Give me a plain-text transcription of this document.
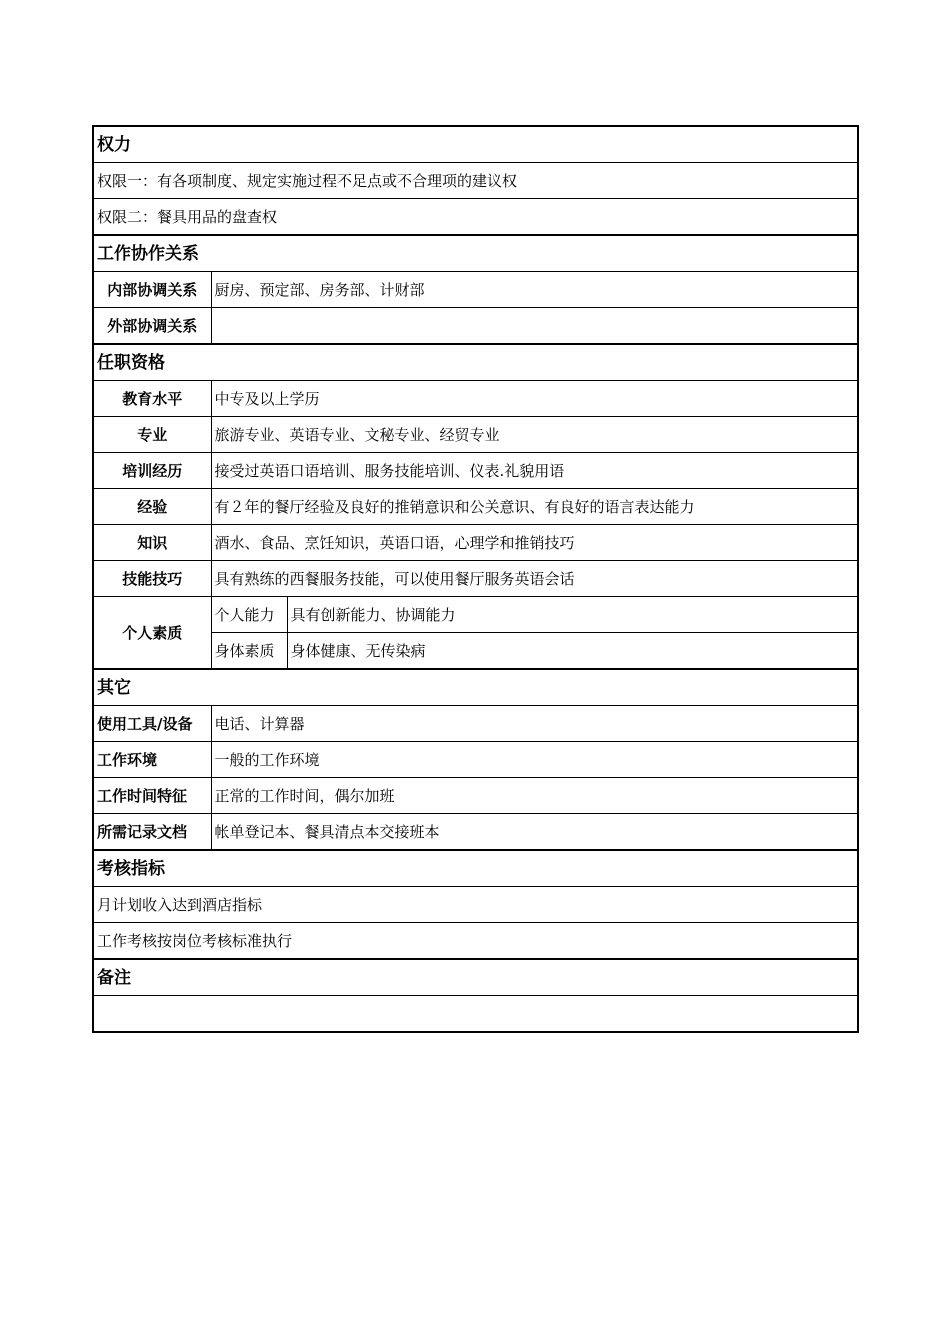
权力		
权限一：有各项制度、规定实施过程不足点或不合理项的建议权		
权限二：餐具用品的盘查权		
工作协作关系		
内部协调关系	厨房、预定部、房务部、计财部	
外部协调关系		
任职资格		
教育水平	中专及以上学历	
专业	旅游专业、英语专业、文秘专业、经贸专业	
培训经历	接受过英语口语培训、服务技能培训、仪表.礼貌用语	
经验	有２年的餐厅经验及良好的推销意识和公关意识、有良好的语言表达能力	
知识	酒水、食品、烹饪知识，英语口语，心理学和推销技巧	
技能技巧	具有熟练的西餐服务技能，可以使用餐厅服务英语会话	
个人素质	个人能力	具有创新能力、协调能力
	身体素质	身体健康、无传染病
其它		
使用工具/设备	电话、计算器	
工作环境	一般的工作环境	
工作时间特征	正常的工作时间，偶尔加班	
所需记录文档	帐单登记本、餐具清点本交接班本	
考核指标		
月计划收入达到酒店指标		
工作考核按岗位考核标准执行		
备注		
